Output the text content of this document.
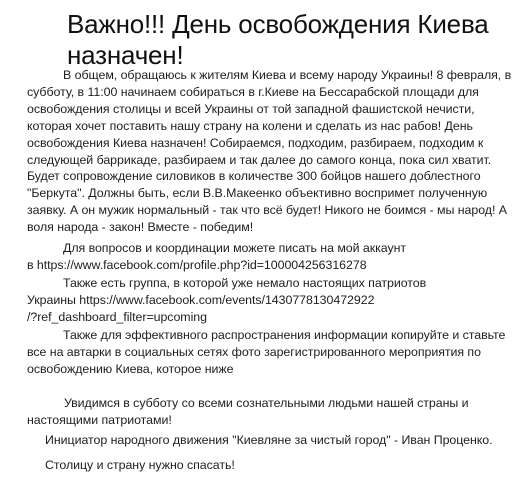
Важно!!! День освобождения Киева
назначен!

В общем, обращаюсь к жителям Киева и всему народу Украины! 8 февраля, в
субботу, в 11:00 начинаем собираться в г.Киеве на Бессарабской площади для
освобождения столицы и всей Украины от той западной фашистской нечисти,
которая хочет поставить нашу страну на колени и сделать из нас рабов! День
освобождения Киева назначен! Собираемся, подходим, разбираем, подходим к
следующей баррикаде, разбираем и так далее до самого конца, пока сил хватит.
Будет сопровождение силовиков в количестве 300 бойцов нашего доблестного
"Беркута". Должны быть, если В.В.Макеенко объективно воспримет полученную
заявку. А он мужик нормальный - так что всё будет! Никого не боимся - мы народ! А
воля народа - закон! Вместе - победим!

Для вопросов и координации можете писать на мой аккаунт
в https://www.facebook.com/profile.php?id=100004256316278

Также есть группа, в которой уже немало настоящих патриотов
Украины https://www.facebook.com/events/1430778130472922
/?ref_dashboard_filter=upcoming

Также для эффективного распространения информации копируйте и ставьте
все на автарки в социальных сетях фото зарегистрированного мероприятия по
освобождению Киева, которое ниже

Увидимся в субботу со всеми сознательными людьми нашей страны и
настоящими патриотами!

Инициатор народного движения "Киевляне за чистый город" - Иван Проценко.

Столицу и страну нужно спасать!
